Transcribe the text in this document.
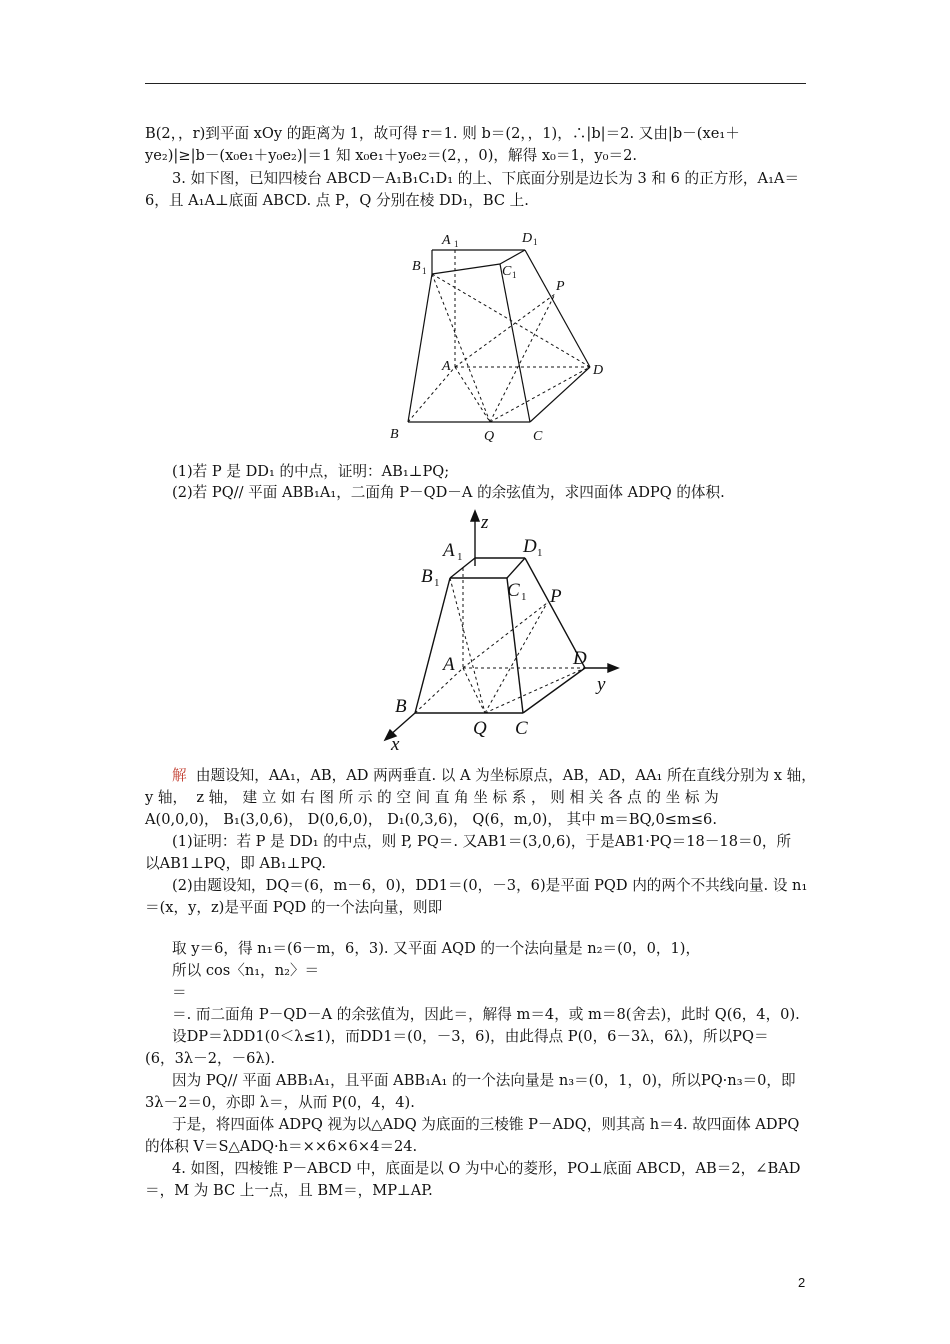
B(2，，r)到平面 xOy 的距离为 1，故可得 r＝1. 则 b＝(2，，1)，∴|b|＝2. 又由|b－(xe₁＋
ye₂)|≥|b－(x₀e₁＋y₀e₂)|＝1 知 x₀e₁＋y₀e₂＝(2，，0)，解得 x₀＝1，y₀＝2.
3. 如下图，已知四棱台 ABCD－A₁B₁C₁D₁ 的上、下底面分别是边长为 3 和 6 的正方形，A₁A＝
6，且 A₁A⊥底面 ABCD. 点 P，Q 分别在棱 DD₁，BC 上.
A 1	D 1
B 1	C 1
P
A	D
B	Q	C
(1)若 P 是 DD₁ 的中点，证明：AB₁⊥PQ;
(2)若 PQ// 平面 ABB₁A₁，二面角 P－QD－A 的余弦值为，求四面体 ADPQ 的体积.
A 1	D 1
B 1	C 1 P
A	D
B
Q C
z
y
x
解 由题设知，AA₁，AB，AD 两两垂直. 以 A 为坐标原点，AB，AD，AA₁ 所在直线分别为 x 轴，
y 轴，  z 轴， 建 立 如 右 图 所 示 的 空 间 直 角 坐 标 系 ， 则 相 关 各 点 的 坐 标 为
A(0,0,0)， B₁(3,0,6)， D(0,6,0)， D₁(0,3,6)， Q(6，m,0)， 其中 m＝BQ,0≤m≤6.
(1)证明：若 P 是 DD₁ 的中点，则 P, PQ＝. 又AB1＝(3,0,6)，于是AB1·PQ＝18－18＝0，所
以AB1⊥PQ，即 AB₁⊥PQ.
(2)由题设知，DQ＝(6，m－6，0)，DD1＝(0，－3，6)是平面 PQD 内的两个不共线向量. 设 n₁
＝(x，y，z)是平面 PQD 的一个法向量，则即
取 y＝6，得 n₁＝(6－m，6，3). 又平面 AQD 的一个法向量是 n₂＝(0，0，1)，
所以 cos〈n₁，n₂〉＝
＝
＝. 而二面角 P－QD－A 的余弦值为，因此＝，解得 m＝4，或 m＝8(舍去)，此时 Q(6，4，0).
设DP＝λDD1(0＜λ≤1)，而DD1＝(0，－3，6)，由此得点 P(0，6－3λ，6λ)，所以PQ＝
(6，3λ－2，－6λ).
因为 PQ// 平面 ABB₁A₁，且平面 ABB₁A₁ 的一个法向量是 n₃＝(0，1，0)，所以PQ·n₃＝0，即
3λ－2＝0，亦即 λ＝，从而 P(0，4，4).
于是，将四面体 ADPQ 视为以△ADQ 为底面的三棱锥 P－ADQ，则其高 h＝4. 故四面体 ADPQ
的体积 V＝S△ADQ·h＝××6×6×4＝24.
4. 如图，四棱锥 P－ABCD 中，底面是以 O 为中心的菱形，PO⊥底面 ABCD，AB＝2，∠BAD
＝，M 为 BC 上一点，且 BM＝，MP⊥AP.
2
